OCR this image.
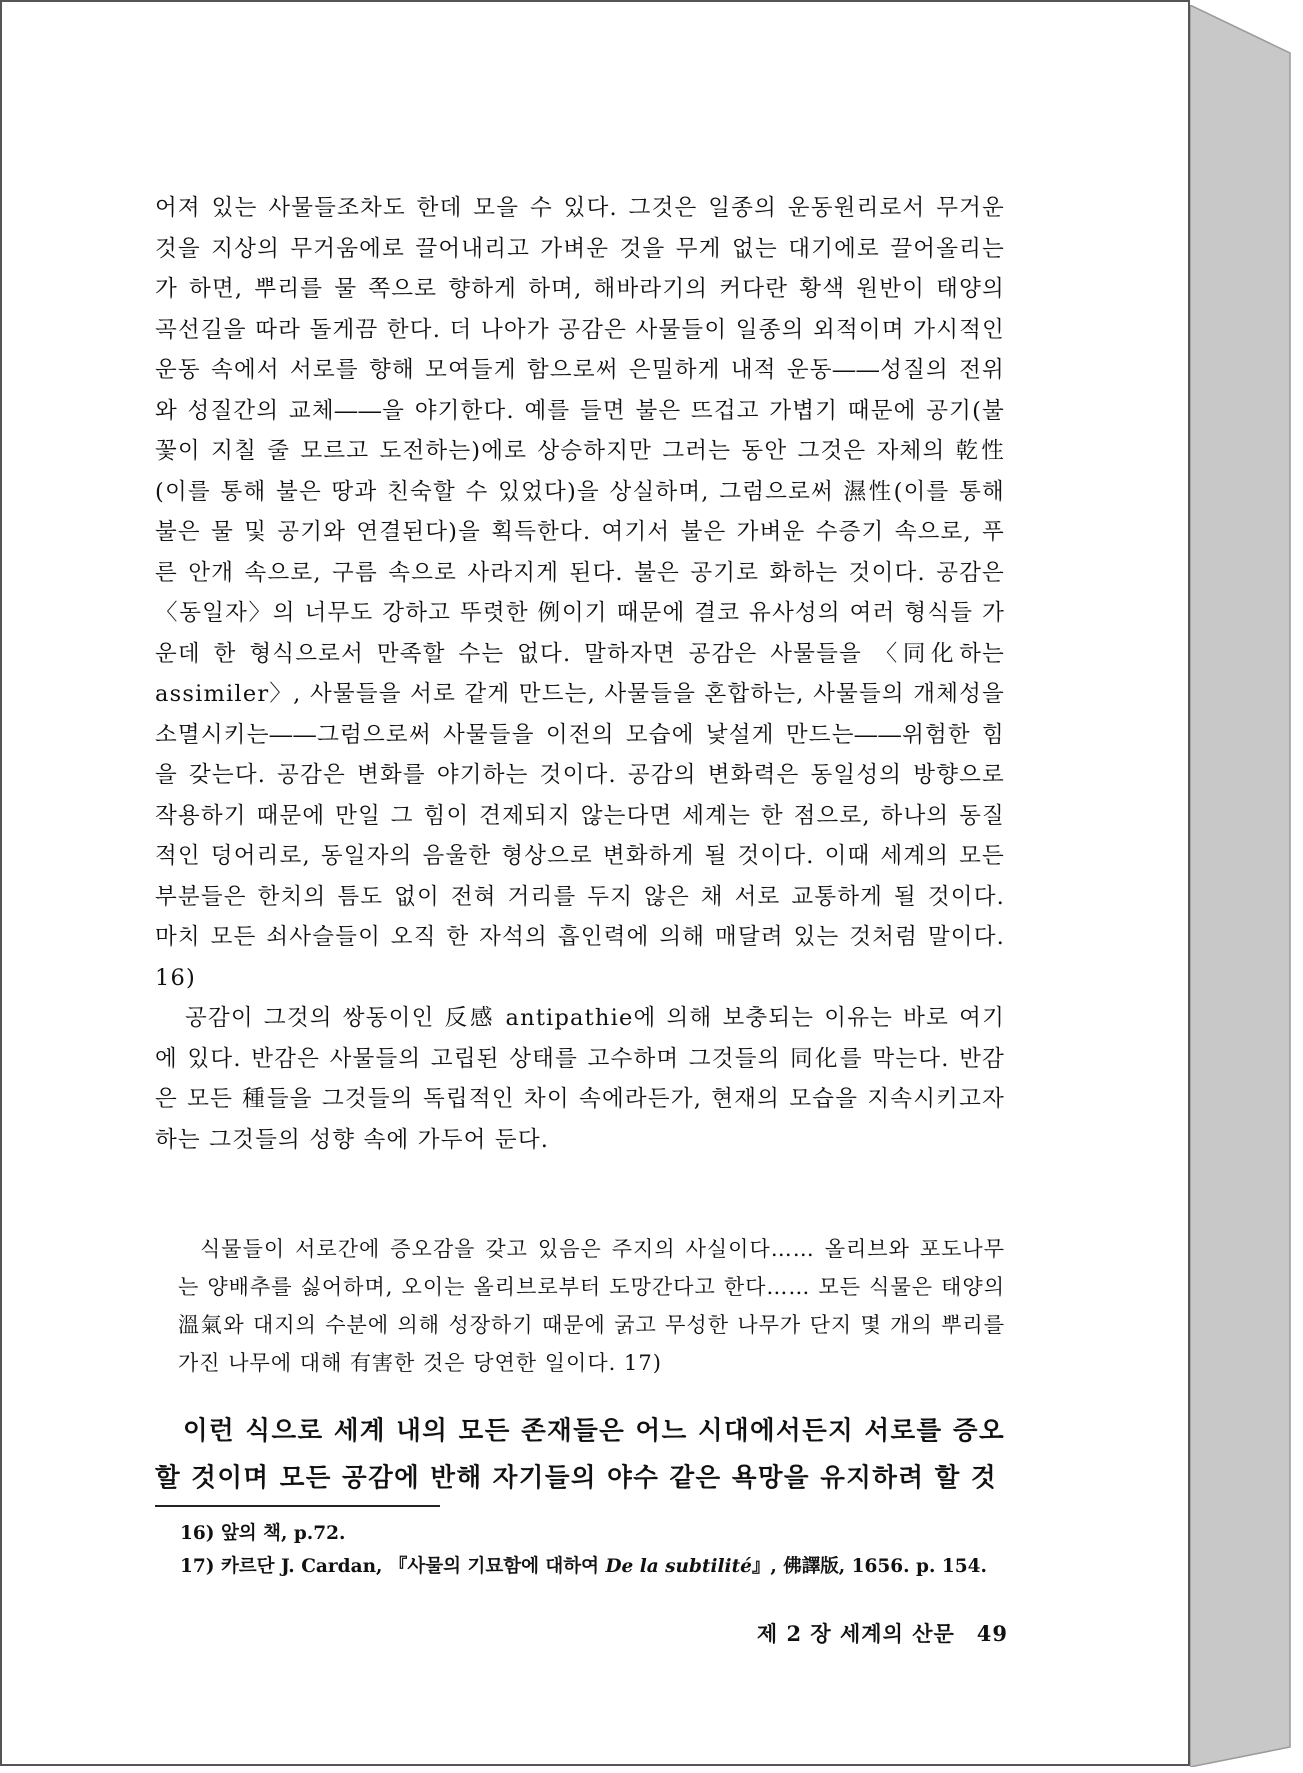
어져 있는 사물들조차도 한데 모을 수 있다. 그것은 일종의 운동원리로서 무거운 것을 지상의 무거움에로 끌어내리고 가벼운 것을 무게 없는 대기에로 끌어올리는가 하면, 뿌리를 물 쪽으로 향하게 하며, 해바라기의 커다란 황색 원반이 태양의 곡선길을 따라 돌게끔 한다. 더 나아가 공감은 사물들이 일종의 외적이며 가시적인 운동 속에서 서로를 향해 모여들게 함으로써 은밀하게 내적 운동――성질의 전위와 성질간의 교체――을 야기한다. 예를 들면 불은 뜨겁고 가볍기 때문에 공기(불꽃이 지칠 줄 모르고 도전하는)에로 상승하지만 그러는 동안 그것은 자체의 乾性(이를 통해 불은 땅과 친숙할 수 있었다)을 상실하며, 그럼으로써 濕性(이를 통해 불은 물 및 공기와 연결된다)을 획득한다. 여기서 불은 가벼운 수증기 속으로, 푸른 안개 속으로, 구름 속으로 사라지게 된다. 불은 공기로 화하는 것이다. 공감은 〈동일자〉의 너무도 강하고 뚜렷한 例이기 때문에 결코 유사성의 여러 형식들 가운데 한 형식으로서 만족할 수는 없다. 말하자면 공감은 사물들을 〈同化하는 assimiler〉, 사물들을 서로 같게 만드는, 사물들을 혼합하는, 사물들의 개체성을 소멸시키는――그럼으로써 사물들을 이전의 모습에 낯설게 만드는――위험한 힘을 갖는다. 공감은 변화를 야기하는 것이다. 공감의 변화력은 동일성의 방향으로 작용하기 때문에 만일 그 힘이 견제되지 않는다면 세계는 한 점으로, 하나의 동질적인 덩어리로, 동일자의 음울한 형상으로 변화하게 될 것이다. 이때 세계의 모든 부분들은 한치의 틈도 없이 전혀 거리를 두지 않은 채 서로 교통하게 될 것이다. 마치 모든 쇠사슬들이 오직 한 자석의 흡인력에 의해 매달려 있는 것처럼 말이다. 16)

공감이 그것의 쌍동이인 反感 antipathie에 의해 보충되는 이유는 바로 여기에 있다. 반감은 사물들의 고립된 상태를 고수하며 그것들의 同化를 막는다. 반감은 모든 種들을 그것들의 독립적인 차이 속에라든가, 현재의 모습을 지속시키고자 하는 그것들의 성향 속에 가두어 둔다.

식물들이 서로간에 증오감을 갖고 있음은 주지의 사실이다…… 올리브와 포도나무는 양배추를 싫어하며, 오이는 올리브로부터 도망간다고 한다…… 모든 식물은 태양의 溫氣와 대지의 수분에 의해 성장하기 때문에 굵고 무성한 나무가 단지 몇 개의 뿌리를 가진 나무에 대해 有害한 것은 당연한 일이다. 17)

이런 식으로 세계 내의 모든 존재들은 어느 시대에서든지 서로를 증오할 것이며 모든 공감에 반해 자기들의 야수 같은 욕망을 유지하려 할 것

16) 앞의 책, p.72.
17) 카르단 J. Cardan, 『사물의 기묘함에 대하여 De la subtilité』, 佛譯版, 1656. p. 154.
제 2 장 세계의 산문 49
